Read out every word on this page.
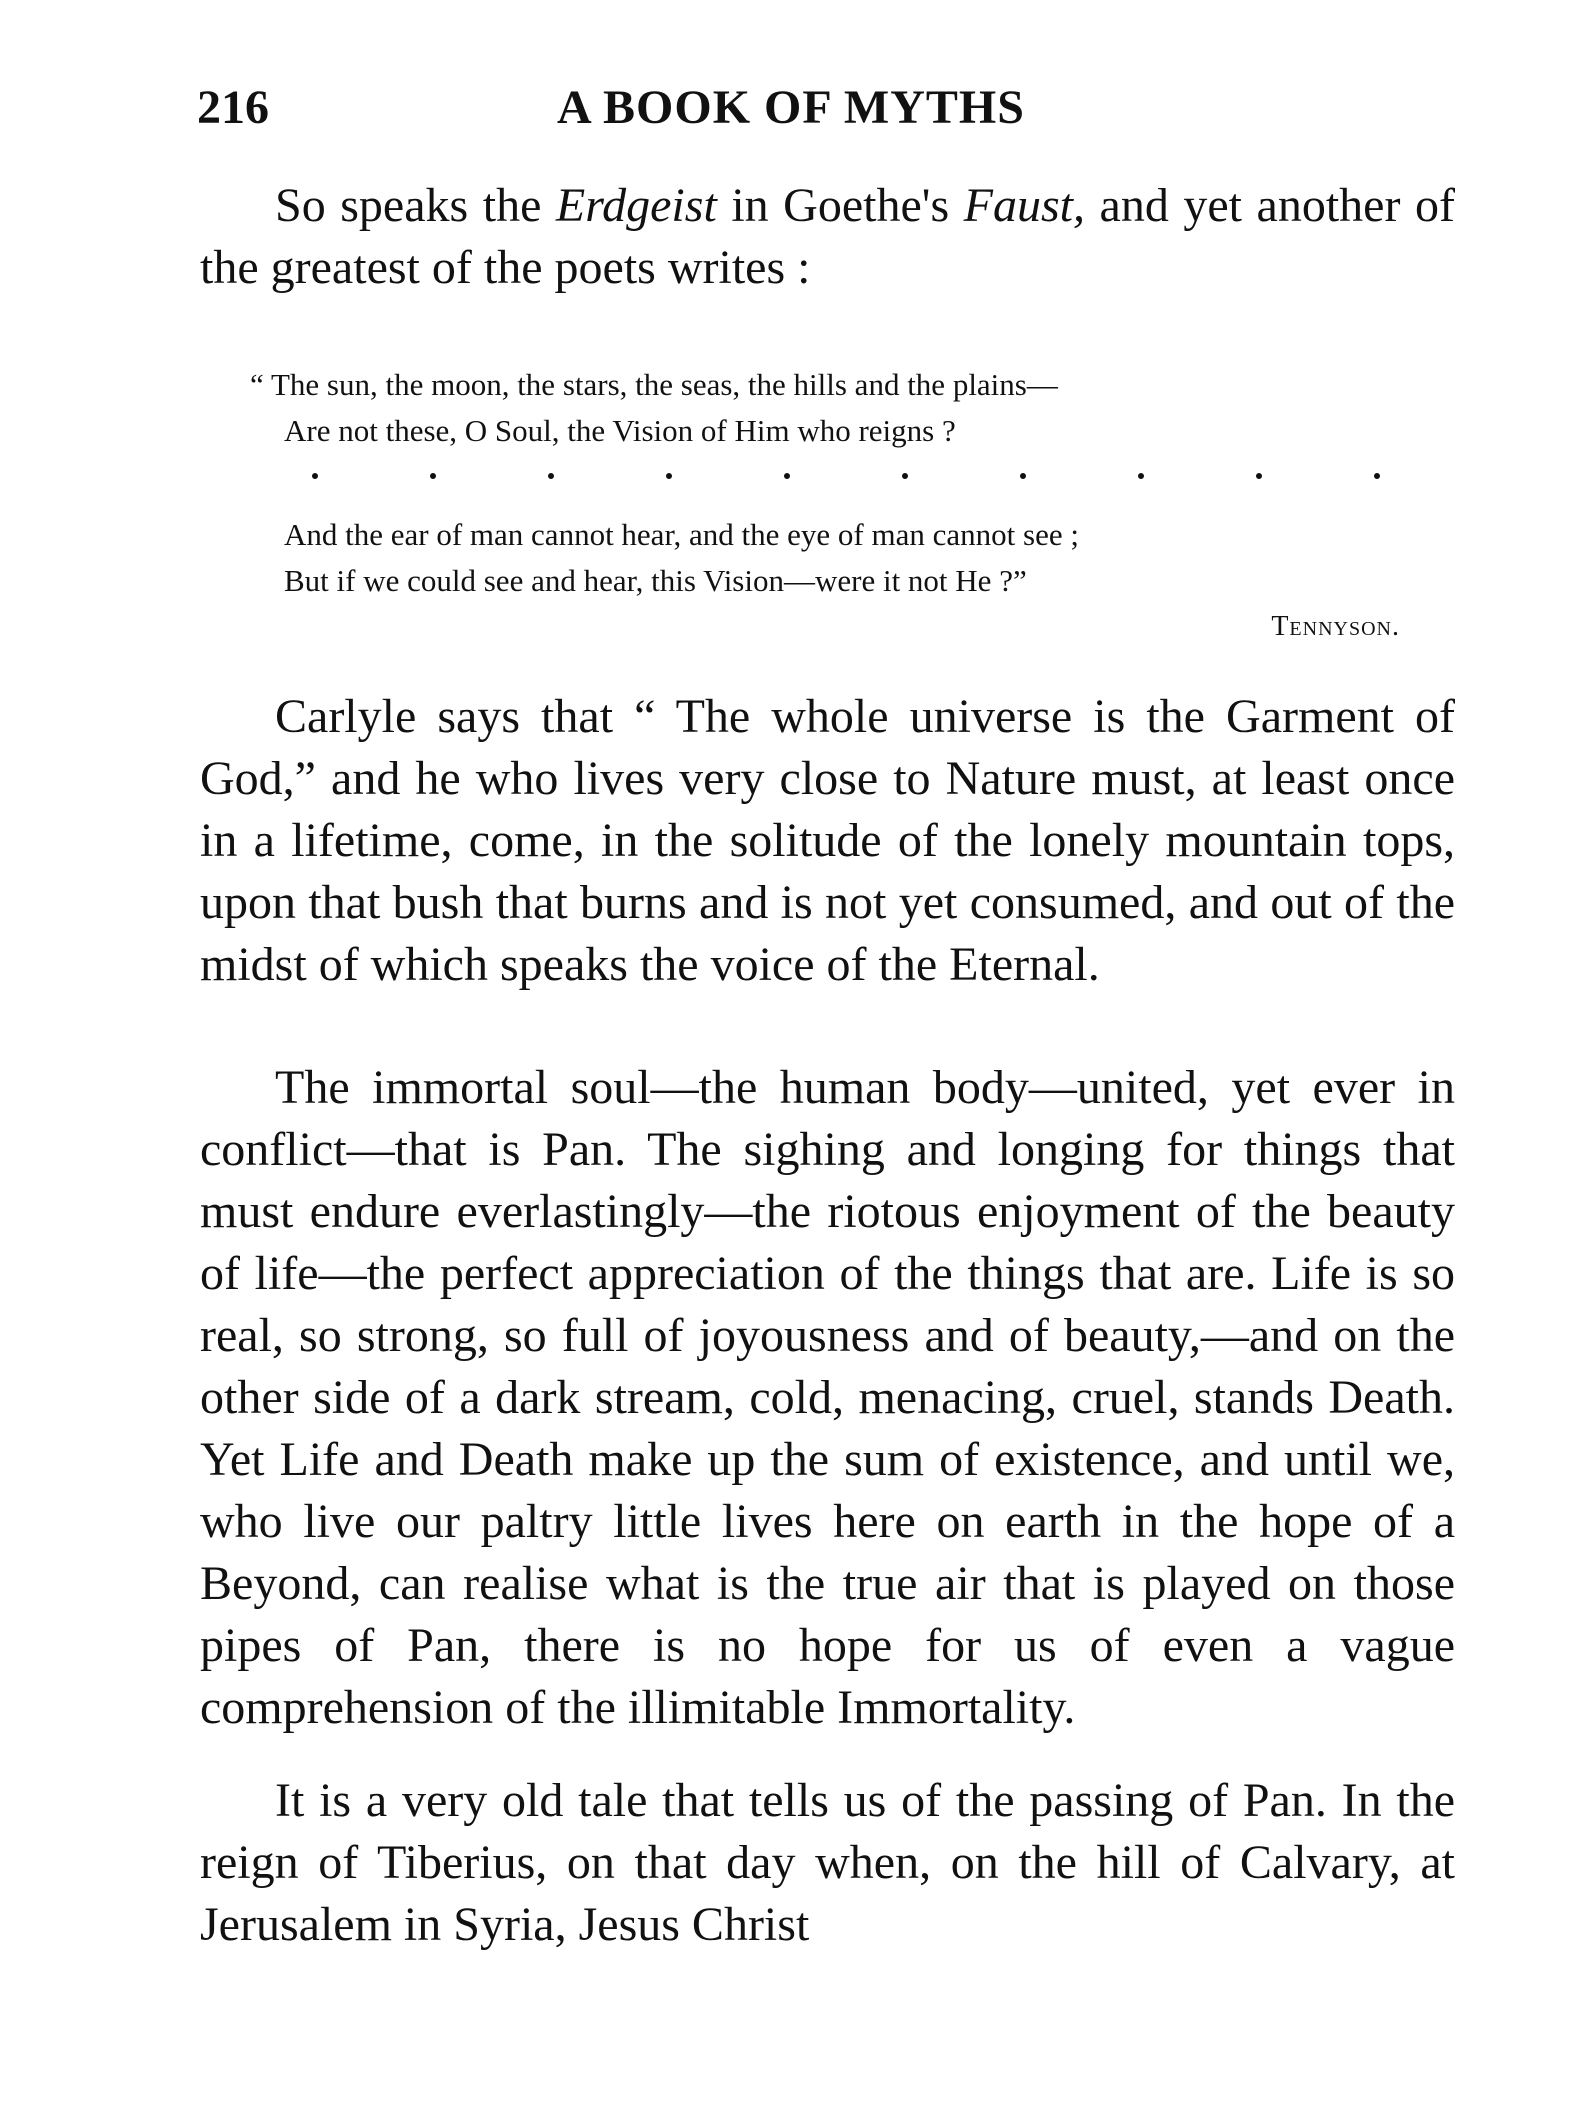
216	A BOOK OF MYTHS

So speaks the Erdgeist in Goethe's Faust, and yet another of the greatest of the poets writes :

“ The sun, the moon, the stars, the seas, the hills and the plains—
Are not these, O Soul, the Vision of Him who reigns ?
And the ear of man cannot hear, and the eye of man cannot see ;
But if we could see and hear, this Vision—were it not He ?”
Tennyson.

Carlyle says that “ The whole universe is the Garment of God,” and he who lives very close to Nature must, at least once in a lifetime, come, in the solitude of the lonely mountain tops, upon that bush that burns and is not yet consumed, and out of the midst of which speaks the voice of the Eternal.

The immortal soul—the human body—united, yet ever in conflict—that is Pan. The sighing and longing for things that must endure everlastingly—the riotous enjoyment of the beauty of life—the perfect appreciation of the things that are. Life is so real, so strong, so full of joyousness and of beauty,—and on the other side of a dark stream, cold, menacing, cruel, stands Death. Yet Life and Death make up the sum of existence, and until we, who live our paltry little lives here on earth in the hope of a Beyond, can realise what is the true air that is played on those pipes of Pan, there is no hope for us of even a vague comprehension of the illimitable Immortality.

It is a very old tale that tells us of the passing of Pan. In the reign of Tiberius, on that day when, on the hill of Calvary, at Jerusalem in Syria, Jesus Christ
